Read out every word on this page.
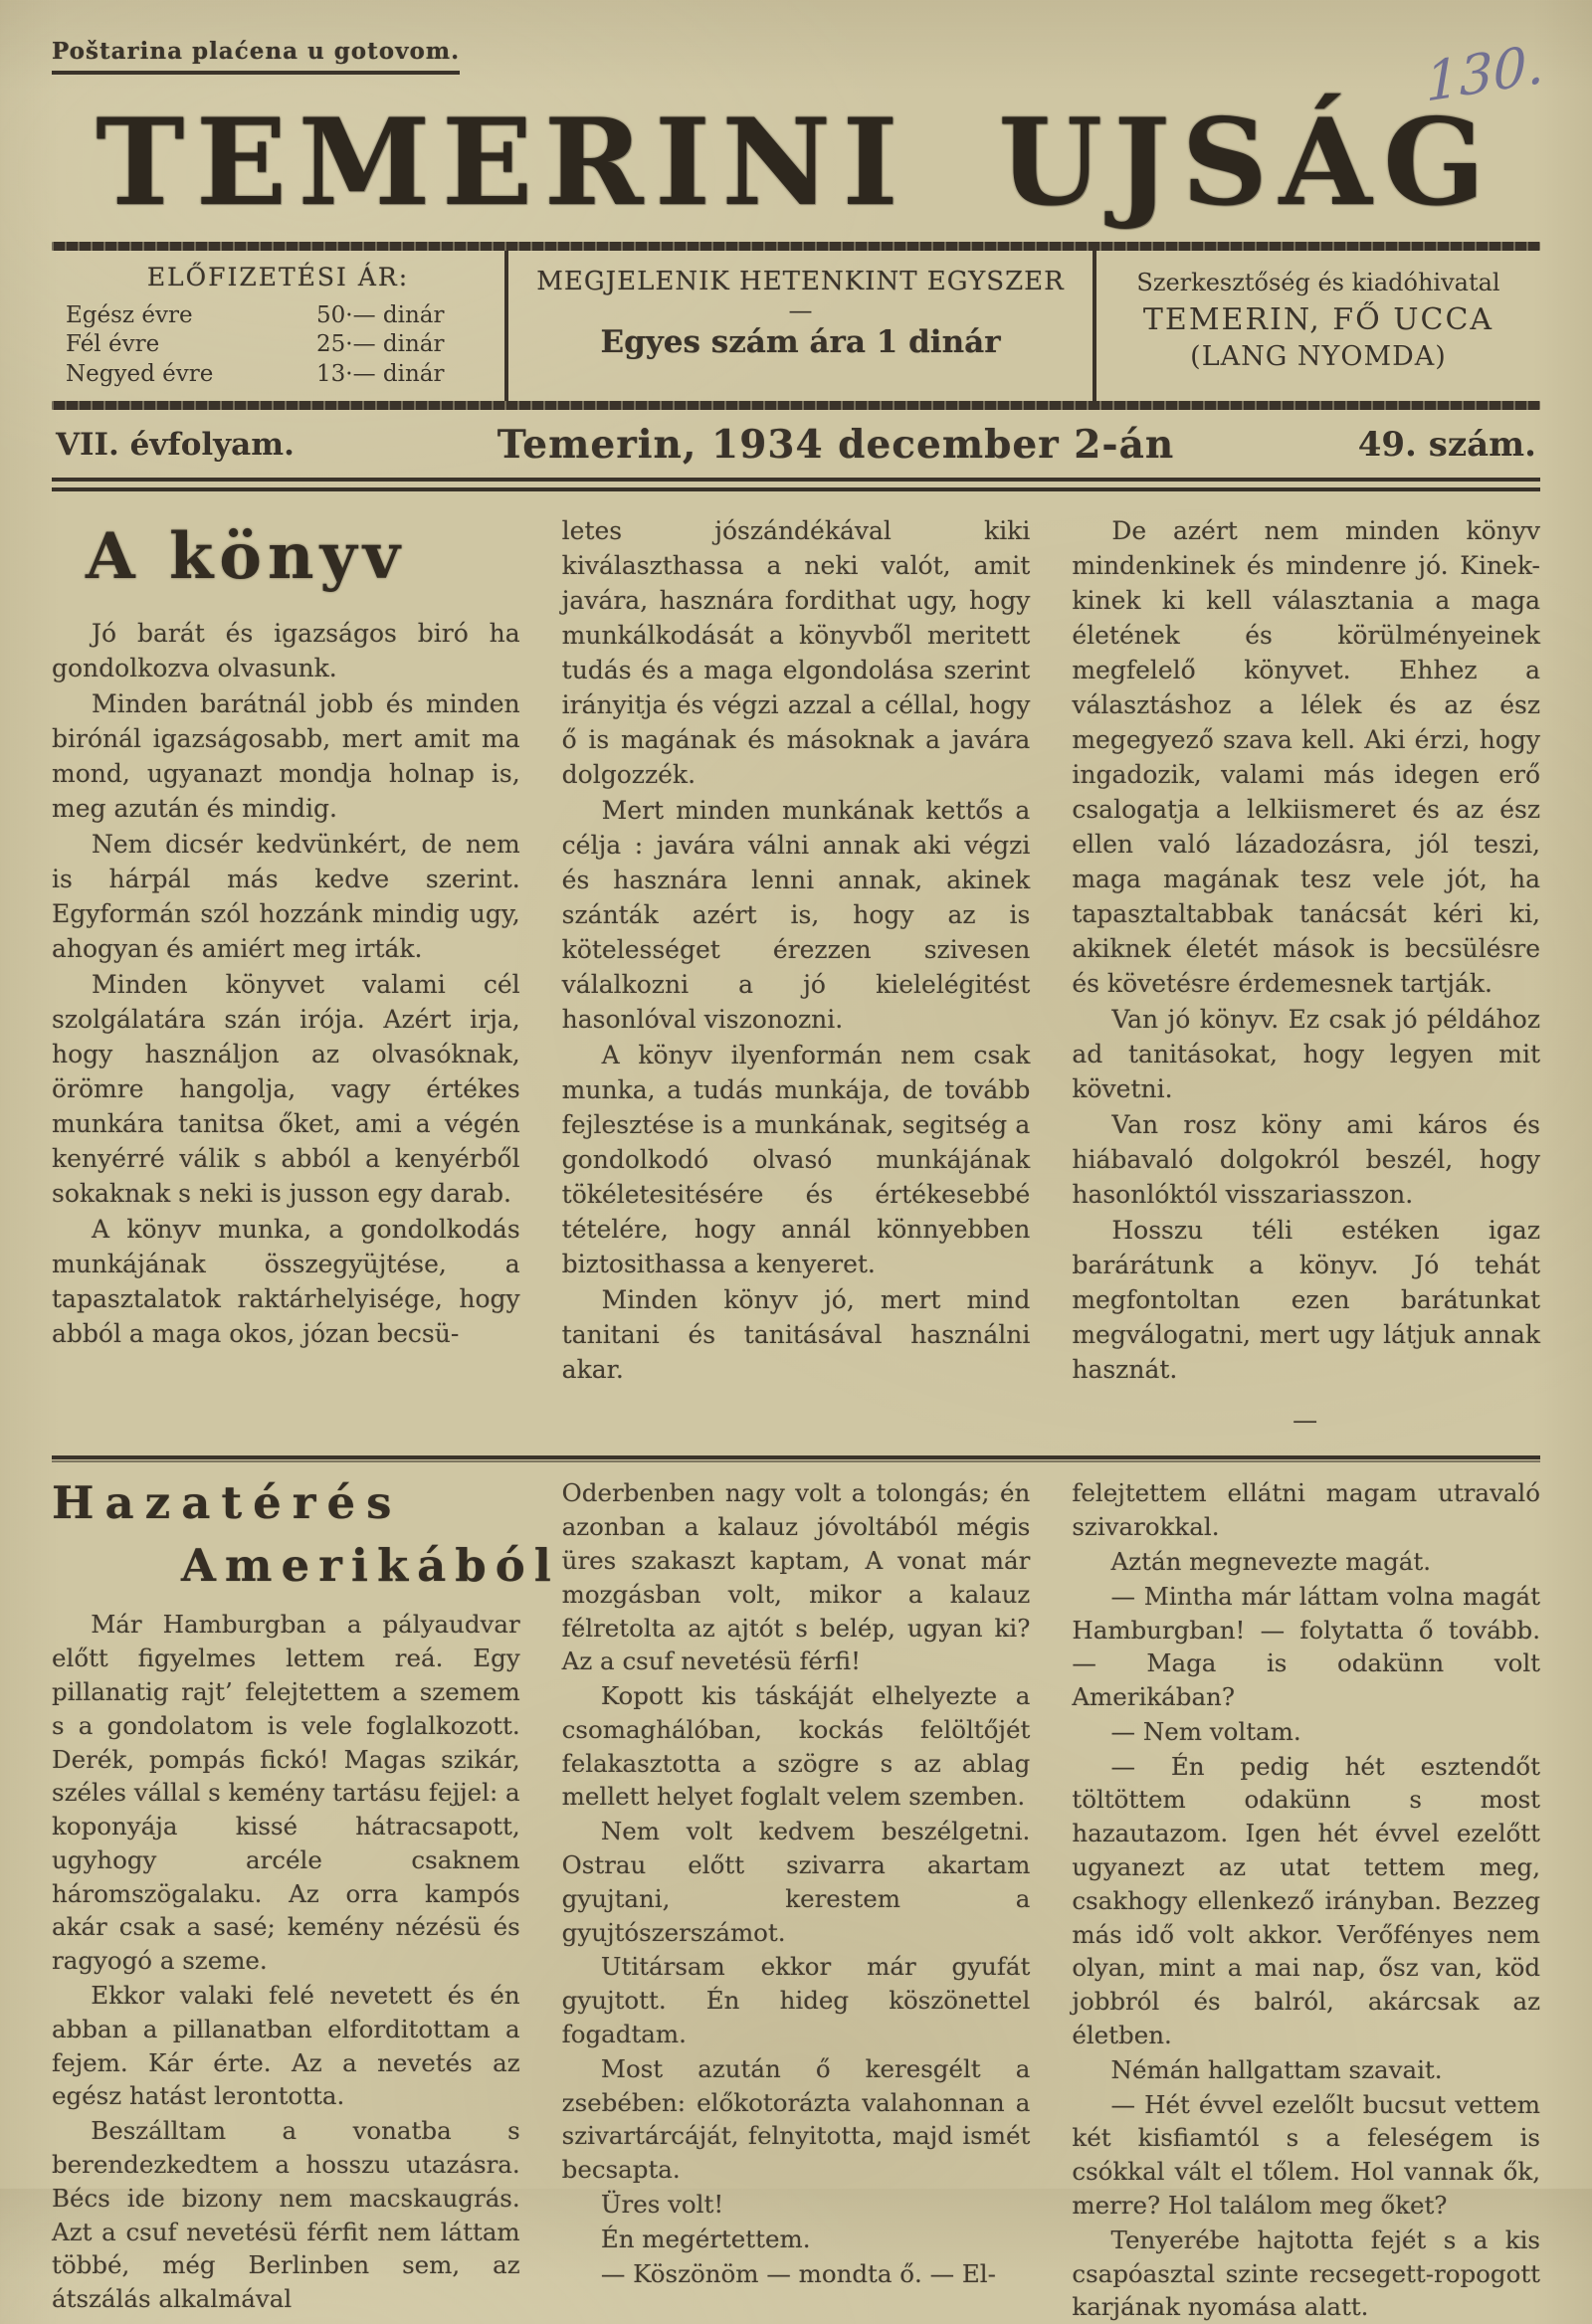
Poštarina plaćena u gotovom.	130.
TEMERINI UJSÁG
ELŐFIZETÉSI ÁR:
Egész évre	50·— dinár
Fél évre	25·— dinár
Negyed évre	13·— dinár
MEGJELENIK HETENKINT EGYSZER
—
Egyes szám ára 1 dinár
Szerkesztőség és kiadóhivatal
TEMERIN, FŐ UCCA
(LANG NYOMDA)
VII. évfolyam.	Temerin, 1934 december 2-án	49. szám.
A könyv

Jó barát és igazságos biró ha gondolkozva olvasunk.

Minden barátnál jobb és minden birónál igazságosabb, mert amit ma mond, ugyanazt mondja holnap is, meg azután és mindig.

Nem dicsér kedvünkért, de nem is hárpál más kedve szerint. Egyformán szól hozzánk mindig ugy, ahogyan és amiért meg irták.

Minden könyvet valami cél szolgálatára szán irója. Azért irja, hogy használjon az olvasóknak, örömre hangolja, vagy értékes munkára tanitsa őket, ami a végén kenyérré válik s abból a kenyérből sokaknak s neki is jusson egy darab.

A könyv munka, a gondolkodás munkájának összegyüjtése, a tapasztalatok raktárhelyisége, hogy abból a maga okos, józan becsü-

letes jószándékával kiki kiválaszthassa a neki valót, amit javára, hasznára fordithat ugy, hogy munkálkodását a könyvből meritett tudás és a maga elgondolása szerint irányitja és végzi azzal a céllal, hogy ő is magának és másoknak a javára dolgozzék.

Mert minden munkának kettős a célja : javára válni annak aki végzi és hasznára lenni annak, akinek szánták azért is, hogy az is kötelességet érezzen szivesen válalkozni a jó kielelégitést hasonlóval viszonozni.

A könyv ilyenformán nem csak munka, a tudás munkája, de tovább fejlesztése is a munkának, segitség a gondolkodó olvasó munkájának tökéletesitésére és értékesebbé tételére, hogy annál könnyebben biztosithassa a kenyeret.

Minden könyv jó, mert mind tanitani és tanitásával használni akar.

De azért nem minden könyv mindenkinek és mindenre jó. Kinek-kinek ki kell választania a maga életének és körülményeinek megfelelő könyvet. Ehhez a választáshoz a lélek és az ész megegyező szava kell. Aki érzi, hogy ingadozik, valami más idegen erő csalogatja a lelkiismeret és az ész ellen való lázadozásra, jól teszi, maga magának tesz vele jót, ha tapasztaltabbak tanácsát kéri ki, akiknek életét mások is becsülésre és követésre érdemesnek tartják.

Van jó könyv. Ez csak jó példához ad tanitásokat, hogy legyen mit követni.

Van rosz köny ami káros és hiábavaló dolgokról beszél, hogy hasonlóktól visszariasszon.

Hosszu téli estéken igaz barárátunk a könyv. Jó tehát megfontoltan ezen barátunkat megválogatni, mert ugy látjuk annak hasznát.

—

Hazatérés
Amerikából

Már Hamburgban a pályaudvar előtt figyelmes lettem reá. Egy pillanatig rajt’ felejtettem a szemem s a gondolatom is vele foglalkozott. Derék, pompás fickó! Magas szikár, széles vállal s kemény tartásu fejjel: a koponyája kissé hátracsapott, ugyhogy arcéle csaknem háromszögalaku. Az orra kampós akár csak a sasé; kemény nézésü és ragyogó a szeme.

Ekkor valaki felé nevetett és én abban a pillanatban elforditottam a fejem. Kár érte. Az a nevetés az egész hatást lerontotta.

Beszálltam a vonatba s berendezkedtem a hosszu utazásra. Bécs ide bizony nem macskaugrás. Azt a csuf nevetésü férfit nem láttam többé, még Berlinben sem, az átszálás alkalmával

Oderbenben nagy volt a tolongás; én azonban a kalauz jóvoltából mégis üres szakaszt kaptam, A vonat már mozgásban volt, mikor a kalauz félretolta az ajtót s belép, ugyan ki? Az a csuf nevetésü férfi!

Kopott kis táskáját elhelyezte a csomaghálóban, kockás felöltőjét felakasztotta a szögre s az ablag mellett helyet foglalt velem szemben.

Nem volt kedvem beszélgetni. Ostrau előtt szivarra akartam gyujtani, kerestem a gyujtószerszámot.

Utitársam ekkor már gyufát gyujtott. Én hideg köszönettel fogadtam.

Most azután ő keresgélt a zsebében: előkotorázta valahonnan a szivartárcáját, felnyitotta, majd ismét becsapta.

Üres volt!

Én megértettem.

— Köszönöm — mondta ő. — El-

felejtettem ellátni magam utravaló szivarokkal.

Aztán megnevezte magát.

— Mintha már láttam volna magát Hamburgban! — folytatta ő tovább. — Maga is odakünn volt Amerikában?

— Nem voltam.

— Én pedig hét esztendőt töltöttem odakünn s most hazautazom. Igen hét évvel ezelőtt ugyanezt az utat tettem meg, csakhogy ellenkező irányban. Bezzeg más idő volt akkor. Verőfényes nem olyan, mint a mai nap, ősz van, köd jobbról és balról, akárcsak az életben.

Némán hallgattam szavait.

— Hét évvel ezelőlt bucsut vettem két kisfiamtól s a feleségem is csókkal vált el tőlem. Hol vannak ők, merre? Hol találom meg őket?

Tenyerébe hajtotta fejét s a kis csapóasztal szinte recsegett-ropogott karjának nyomása alatt.
